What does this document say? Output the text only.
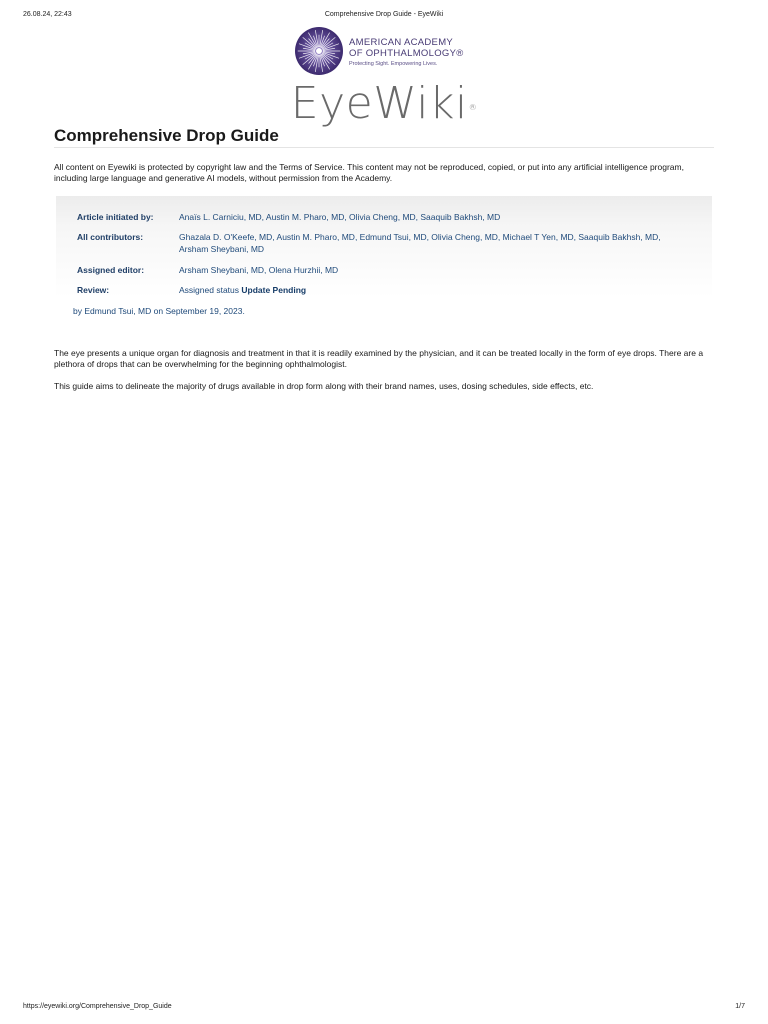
26.08.24, 22:43	Comprehensive Drop Guide - EyeWiki
AMERICAN ACADEMY
OF OPHTHALMOLOGY®
Protecting Sight. Empowering Lives.
EyeWiki®
Comprehensive Drop Guide
All content on Eyewiki is protected by copyright law and the Terms of Service. This content may not be reproduced, copied, or put into any artificial intelligence program, including large language and generative AI models, without permission from the Academy.
Article initiated by:	Anaïs L. Carniciu, MD, Austin M. Pharo, MD, Olivia Cheng, MD, Saaquib Bakhsh, MD
All contributors:	Ghazala D. O'Keefe, MD, Austin M. Pharo, MD, Edmund Tsui, MD, Olivia Cheng, MD, Michael T Yen, MD, Saaquib Bakhsh, MD, Arsham Sheybani, MD
Assigned editor:	Arsham Sheybani, MD, Olena Hurzhii, MD
Review:	Assigned status Update Pending
by Edmund Tsui, MD on September 19, 2023.

The eye presents a unique organ for diagnosis and treatment in that it is readily examined by the physician, and it can be treated locally in the form of eye drops. There are a plethora of drops that can be overwhelming for the beginning ophthalmologist.

This guide aims to delineate the majority of drugs available in drop form along with their brand names, uses, dosing schedules, side effects, etc.

https://eyewiki.org/Comprehensive_Drop_Guide	1/7
